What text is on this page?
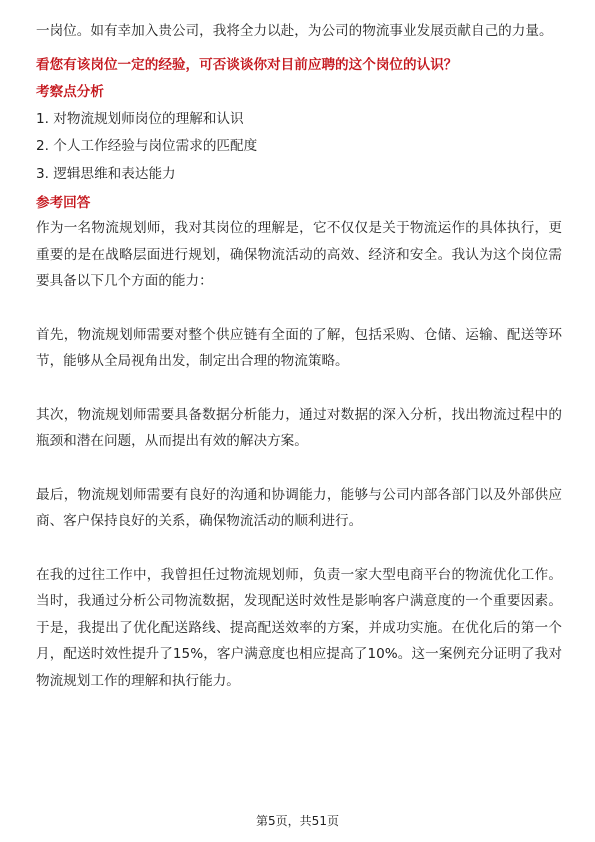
一岗位。如有幸加入贵公司，我将全力以赴，为公司的物流事业发展贡献自己的力量。

看您有该岗位一定的经验，可否谈谈你对目前应聘的这个岗位的认识？

考察点分析

1. 对物流规划师岗位的理解和认识

2. 个人工作经验与岗位需求的匹配度

3. 逻辑思维和表达能力

参考回答

作为一名物流规划师，我对其岗位的理解是，它不仅仅是关于物流运作的具体执行，更重要的是在战略层面进行规划，确保物流活动的高效、经济和安全。我认为这个岗位需要具备以下几个方面的能力：

首先，物流规划师需要对整个供应链有全面的了解，包括采购、仓储、运输、配送等环节，能够从全局视角出发，制定出合理的物流策略。

其次，物流规划师需要具备数据分析能力，通过对数据的深入分析，找出物流过程中的瓶颈和潜在问题，从而提出有效的解决方案。

最后，物流规划师需要有良好的沟通和协调能力，能够与公司内部各部门以及外部供应商、客户保持良好的关系，确保物流活动的顺利进行。

在我的过往工作中，我曾担任过物流规划师，负责一家大型电商平台的物流优化工作。当时，我通过分析公司物流数据，发现配送时效性是影响客户满意度的一个重要因素。于是，我提出了优化配送路线、提高配送效率的方案，并成功实施。在优化后的第一个月，配送时效性提升了15%，客户满意度也相应提高了10%。这一案例充分证明了我对物流规划工作的理解和执行能力。

第5页，共51页
